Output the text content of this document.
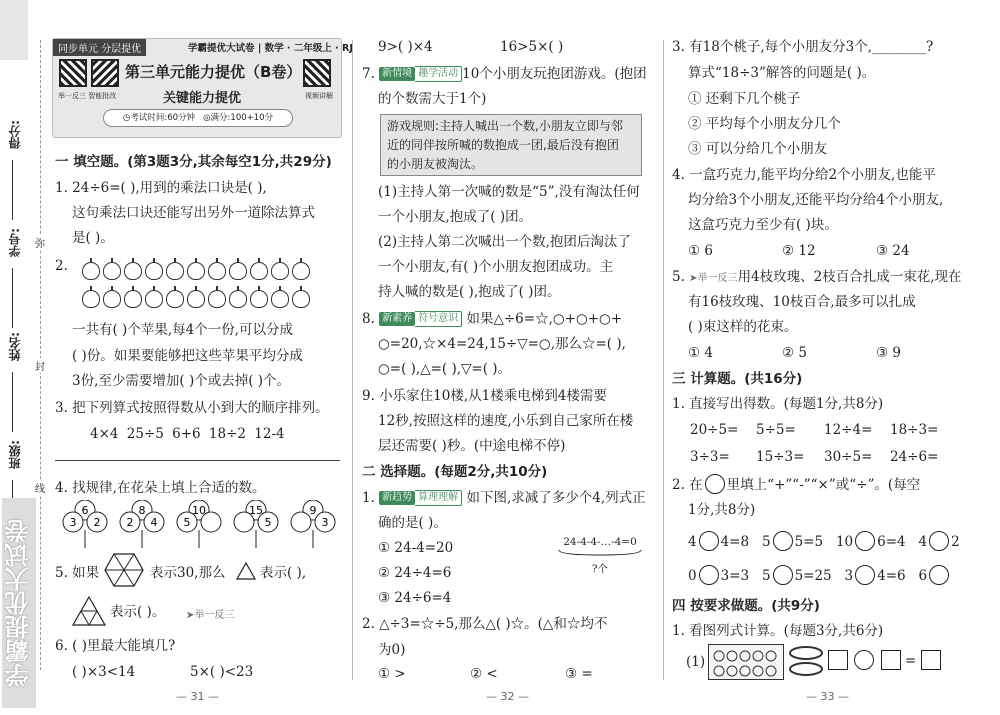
得分:
学号:
姓名:
班级:
弥
封
线
学霸提优大试卷
同步单元 分层提优	学霸提优大试卷 | 数学 · 二年级上 · RJ
举一反三 智能批改
第三单元能力提优（B卷）
关键能力提优	视频讲解
◷考试时间:60分钟 ◎满分:100+10分
一 填空题。(第3题3分,其余每空1分,共29分)
1. 24÷6=( ),用到的乘法口诀是( ),
这句乘法口诀还能写出另外一道除法算式
是( )。
2.
一共有( )个苹果,每4个一份,可以分成
( )份。如果要能够把这些苹果平均分成
3份,至少需要增加( )个或去掉( )个。
3. 把下列算式按照得数从小到大的顺序排列。
4×4 25÷5 6+6 18÷2 12-4
4. 找规律,在花朵上填上合适的数。
6
3 2
8
2 4
10
5
15
5
9
3
5. 如果	表示30,那么	表示( ),
表示( )。 ➤举一反三
6. ( )里最大能填几?
( )×3<14	5×( )<23
— 31 —
9>( )×4	16>5×( )
7. 新情境 趣学活动 10个小朋友玩抱团游戏。(抱团
的个数需大于1个)
游戏规则:主持人喊出一个数,小朋友立即与邻
近的同伴按所喊的数抱成一团,最后没有抱团
的小朋友被淘汰。
(1)主持人第一次喊的数是“5”,没有淘汰任何
一个小朋友,抱成了( )团。
(2)主持人第二次喊出一个数,抱团后淘汰了
一个小朋友,有( )个小朋友抱团成功。主
持人喊的数是( ),抱成了( )团。
8. 新素养 符号意识 如果△÷6=☆,○+○+○+
○=20,☆×4=24,15÷▽=○,那么☆=( ),
○=( ),△=( ),▽=( )。
9. 小乐家住10楼,从1楼乘电梯到4楼需要
12秒,按照这样的速度,小乐到自己家所在楼
层还需要( )秒。(中途电梯不停)
二 选择题。(每题2分,共10分)
1. 新趋势 算理理解 如下图,求减了多少个4,列式正
确的是( )。
① 24-4=20	24-4-4-…-4=0
?个
② 24÷4=6
③ 24÷6=4
2. △÷3=☆÷5,那么△( )☆。(△和☆均不
为0)
① >	② <	③ =
— 32 —
3. 有18个桃子,每个小朋友分3个,________?
算式“18÷3”解答的问题是( )。
① 还剩下几个桃子
② 平均每个小朋友分几个
③ 可以分给几个小朋友
4. 一盒巧克力,能平均分给2个小朋友,也能平
均分给3个小朋友,还能平均分给4个小朋友,
这盒巧克力至少有( )块。
① 6	② 12	③ 24
5. ➤举一反三用4枝玫瑰、2枝百合扎成一束花,现在
有16枝玫瑰、10枝百合,最多可以扎成
( )束这样的花束。
① 4	② 5	③ 9
三 计算题。(共16分)
1. 直接写出得数。(每题1分,共8分)
20÷5= 5÷5= 12÷4= 18÷3=
3÷3= 15÷3= 30÷5= 24÷6=
2. 在 里填上“+”“-”“×”或“÷”。(每空
1分,共8分)
4 4=8 5 5=5 10 6=4 4 2
0 3=3 5 5=25 3 4=6 6
四 按要求做题。(共9分)
1. 看图列式计算。(每题3分,共6分)
(1)	=
— 33 —
